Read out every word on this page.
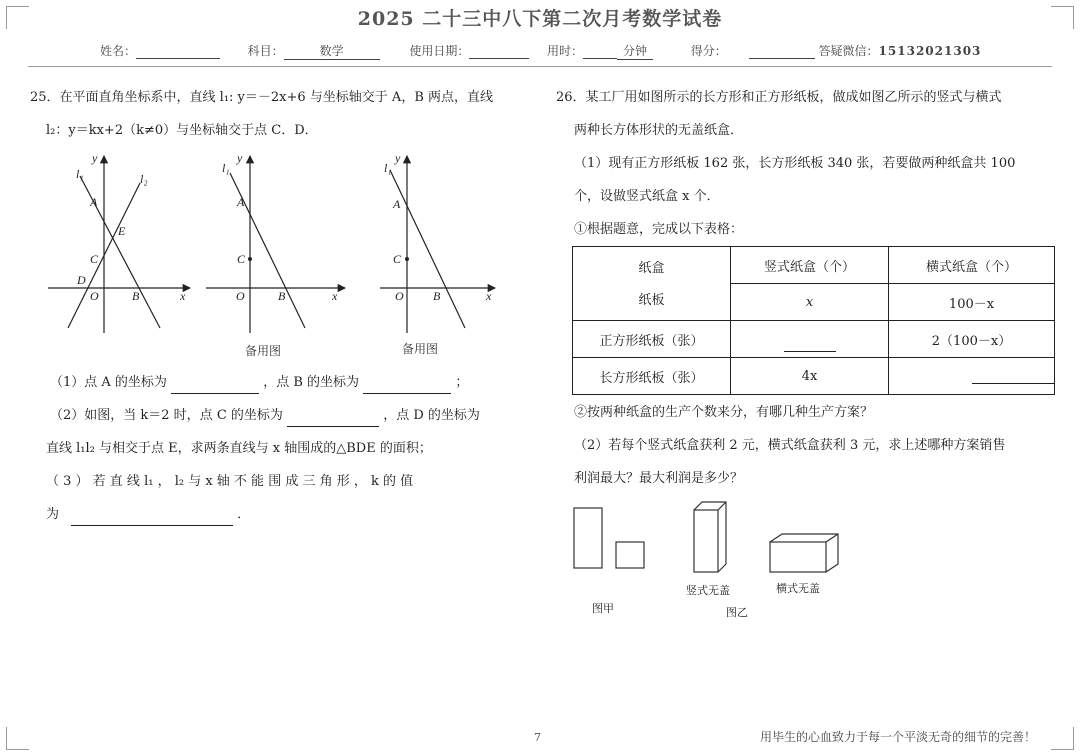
2025 二十三中八下第二次月考数学试卷
姓名：	科目：	数学	使用日期：	用时：	分钟	得分：	答疑微信：15132021303
25．在平面直角坐标系中，直线 l₁: y＝－2x+6 与坐标轴交于 A，B 两点，直线
l₂：y＝kx+2（k≠0）与坐标轴交于点 C．D．
y
x
O
A
B
C
D
E
l₁	l₂
y
x
O
A
B
C
l₁
备用图
y
x
O
A
B
C
l₁
备用图
（1）点 A 的坐标为	，点 B 的坐标为	；
（2）如图，当 k＝2 时，点 C 的坐标为	，点 D 的坐标为
直线 l₁l₂ 与相交于点 E，求两条直线与 x 轴围成的△BDE 的面积；
（ 3 ） 若 直 线 l₁ ， l₂ 与 x 轴 不 能 围 成 三 角 形 ， k 的 值
为	．
26．某工厂用如图所示的长方形和正方形纸板，做成如图乙所示的竖式与横式
两种长方体形状的无盖纸盒．
（1）现有正方形纸板 162 张，长方形纸板 340 张，若要做两种纸盒共 100
个，设做竖式纸盒 x 个．
①根据题意，完成以下表格：
纸盒
纸板	竖式纸盒（个）	横式纸盒（个）
	x	100－x
正方形纸板（张）		2（100－x）
长方形纸板（张）	4x	
②按两种纸盒的生产个数来分，有哪几种生产方案？
（2）若每个竖式纸盒获利 2 元，横式纸盒获利 3 元，求上述哪种方案销售
利润最大？最大利润是多少？
图甲
竖式无盖	横式无盖
图乙
7	用毕生的心血致力于每一个平淡无奇的细节的完善！
